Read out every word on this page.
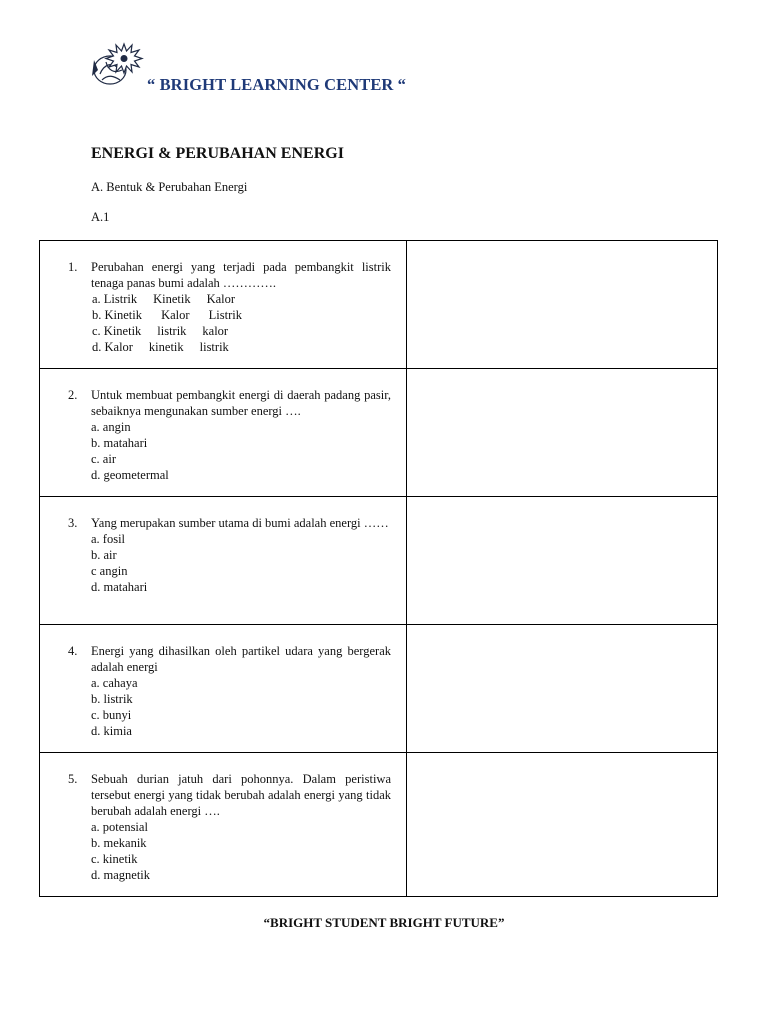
“ BRIGHT LEARNING CENTER “
ENERGI & PERUBAHAN ENERGI
A. Bentuk & Perubahan Energi
A.1
1. Perubahan energi yang terjadi pada pembangkit listrik tenaga panas bumi adalah ………….
a. Listrik   Kinetik   Kalor
b. Kinetik    Kalor    Listrik
c. Kinetik   listrik   kalor
d. Kalor   kinetik   listrik
2. Untuk membuat pembangkit energi di daerah padang pasir, sebaiknya mengunakan sumber energi ….
a. angin
b. matahari
c. air
d. geometermal
3. Yang merupakan sumber utama di bumi adalah energi ……
a. fosil
b. air
c angin
d. matahari
4. Energi yang dihasilkan oleh partikel udara yang bergerak adalah energi
a. cahaya
b. listrik
c. bunyi
d. kimia
5. Sebuah durian jatuh dari pohonnya. Dalam peristiwa tersebut energi yang tidak berubah adalah energi yang tidak berubah adalah energi ….
a. potensial
b. mekanik
c. kinetik
d. magnetik
“BRIGHT STUDENT BRIGHT FUTURE”
